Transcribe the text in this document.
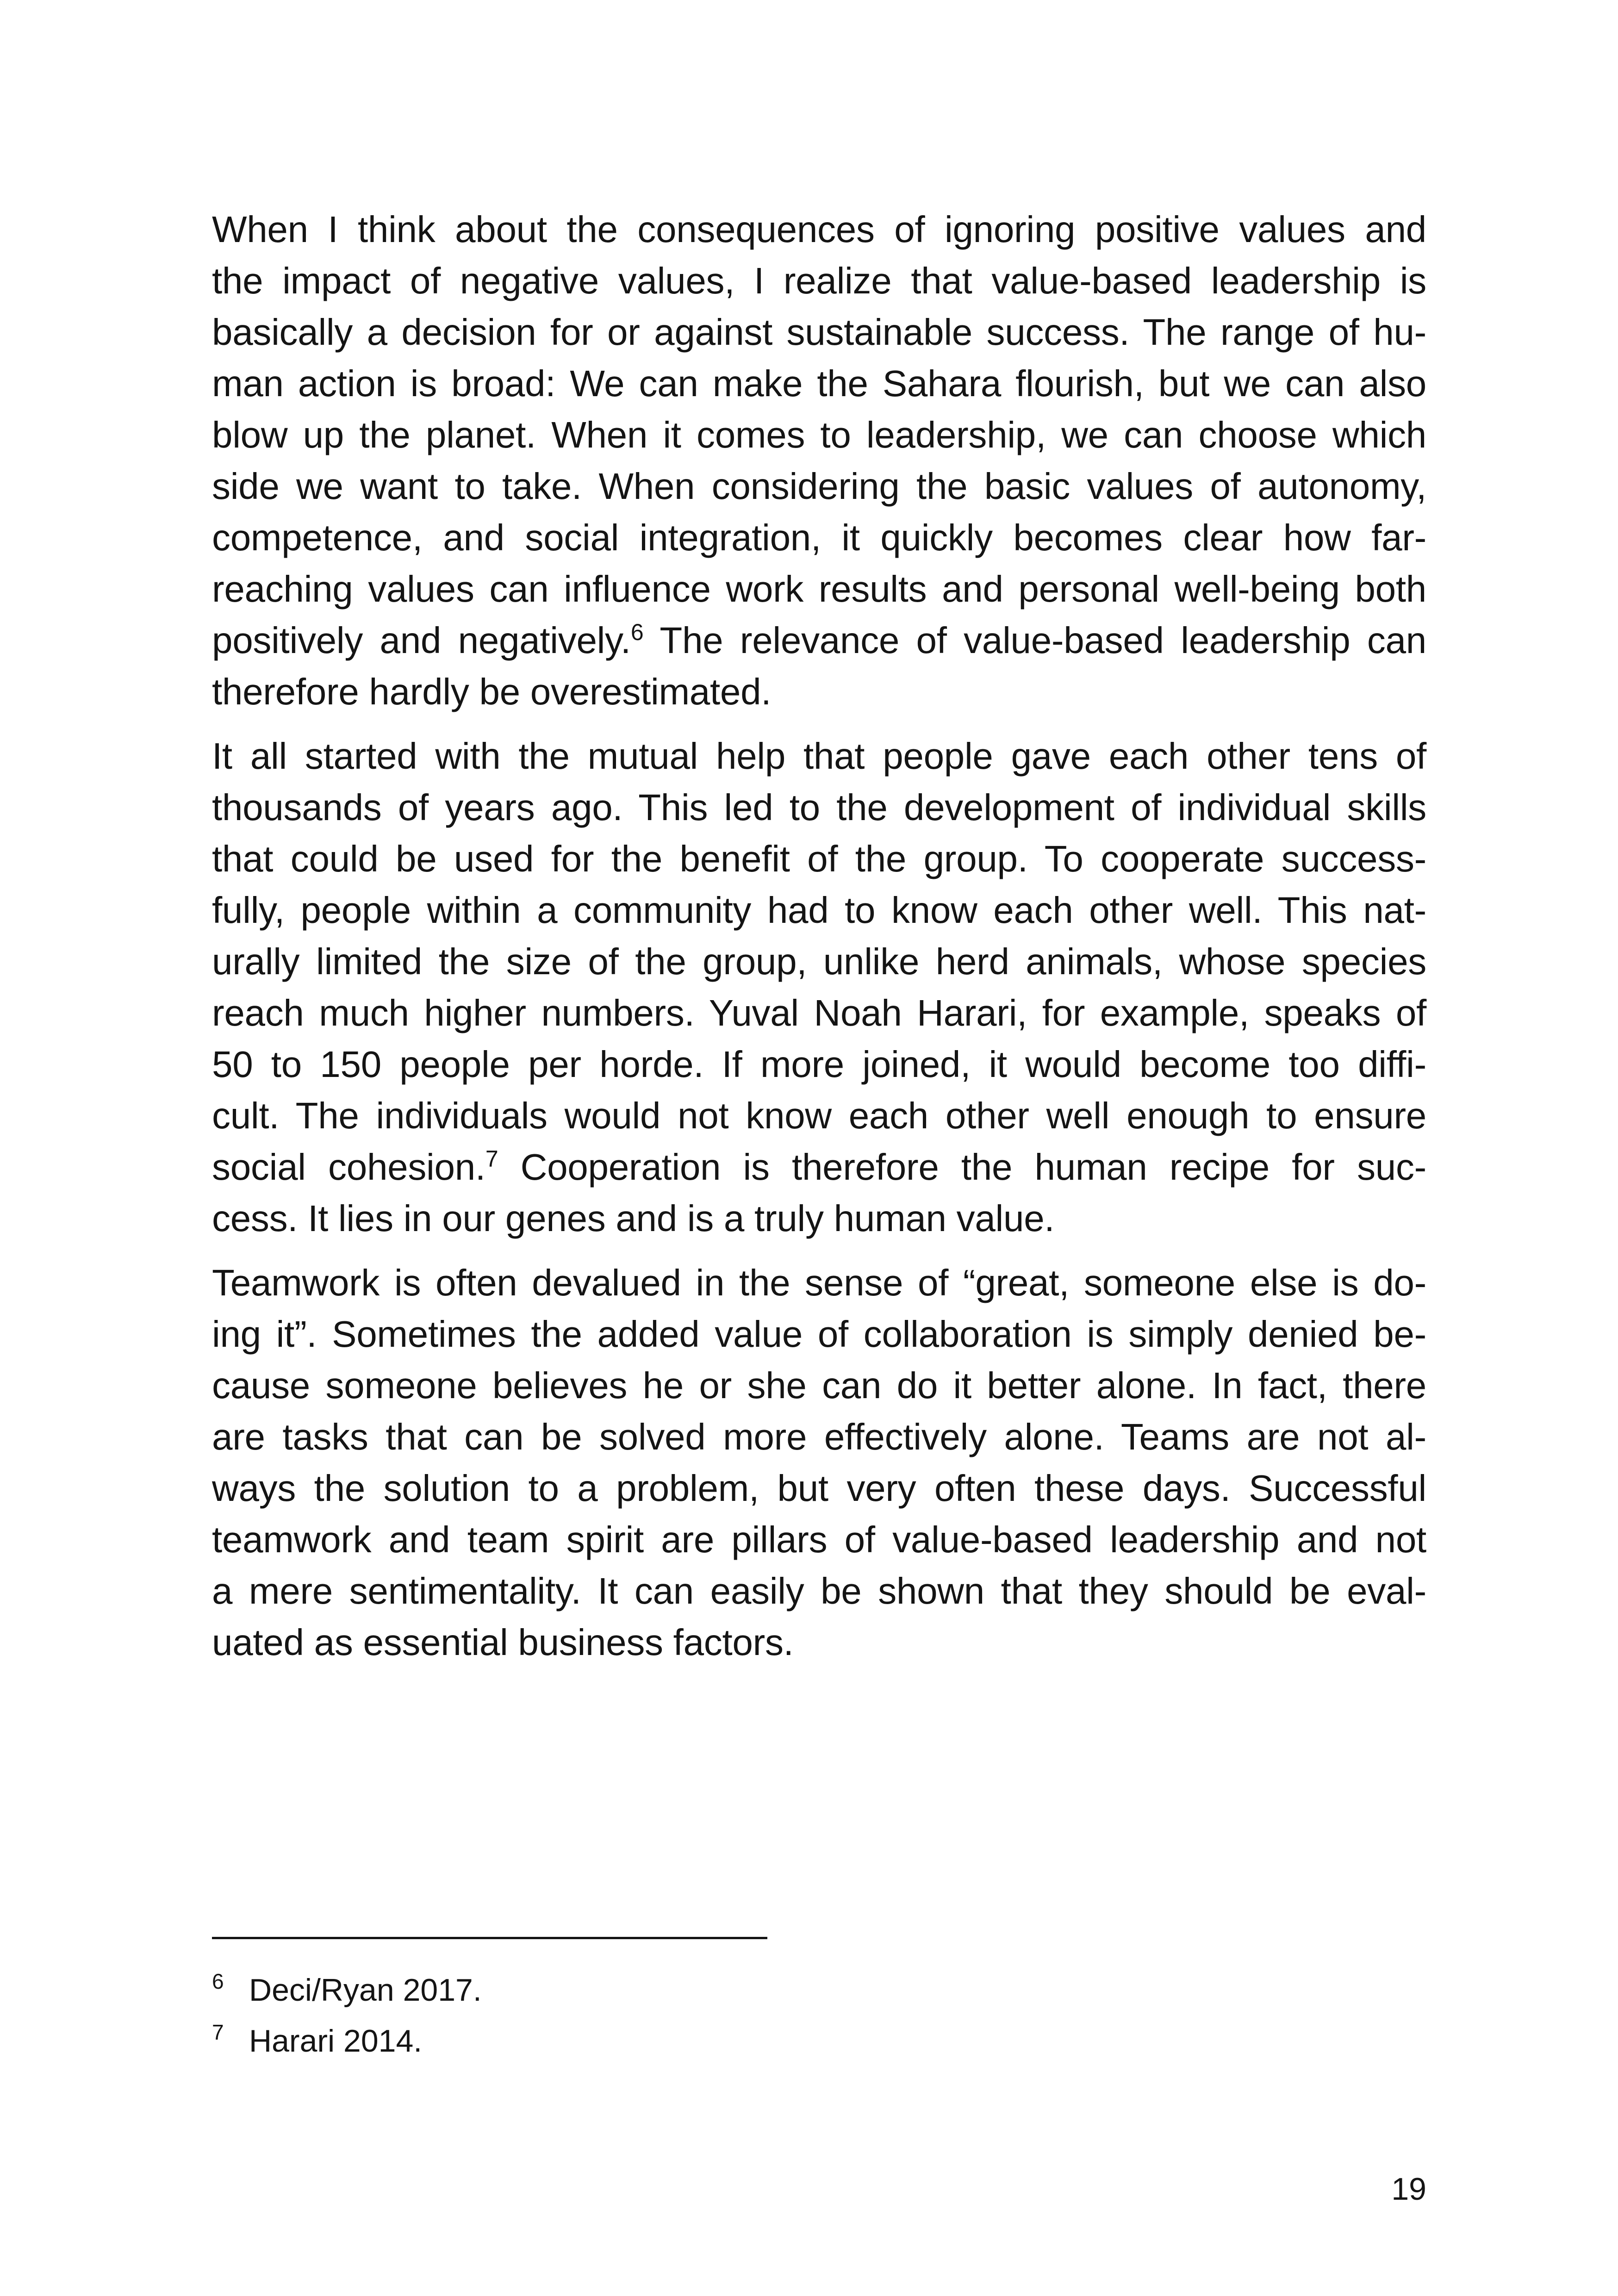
When I think about the consequences of ignoring positive values and
the impact of negative values, I realize that value-based leadership is
basically a decision for or against sustainable success. The range of hu-
man action is broad: We can make the Sahara flourish, but we can also
blow up the planet. When it comes to leadership, we can choose which
side we want to take. When considering the basic values of autonomy,
competence, and social integration, it quickly becomes clear how far-
reaching values can influence work results and personal well-being both
positively and negatively.$^6$ The relevance of value-based leadership can
therefore hardly be overestimated.

It all started with the mutual help that people gave each other tens of
thousands of years ago. This led to the development of individual skills
that could be used for the benefit of the group. To cooperate success-
fully, people within a community had to know each other well. This nat-
urally limited the size of the group, unlike herd animals, whose species
reach much higher numbers. Yuval Noah Harari, for example, speaks of
50 to 150 people per horde. If more joined, it would become too diffi-
cult. The individuals would not know each other well enough to ensure
social cohesion.$^7$ Cooperation is therefore the human recipe for suc-
cess. It lies in our genes and is a truly human value.

Teamwork is often devalued in the sense of “great, someone else is do-
ing it”. Sometimes the added value of collaboration is simply denied be-
cause someone believes he or she can do it better alone. In fact, there
are tasks that can be solved more effectively alone. Teams are not al-
ways the solution to a problem, but very often these days. Successful
teamwork and team spirit are pillars of value-based leadership and not
a mere sentimentality. It can easily be shown that they should be eval-
uated as essential business factors.

6 Deci/Ryan 2017.
7 Harari 2014.
19
